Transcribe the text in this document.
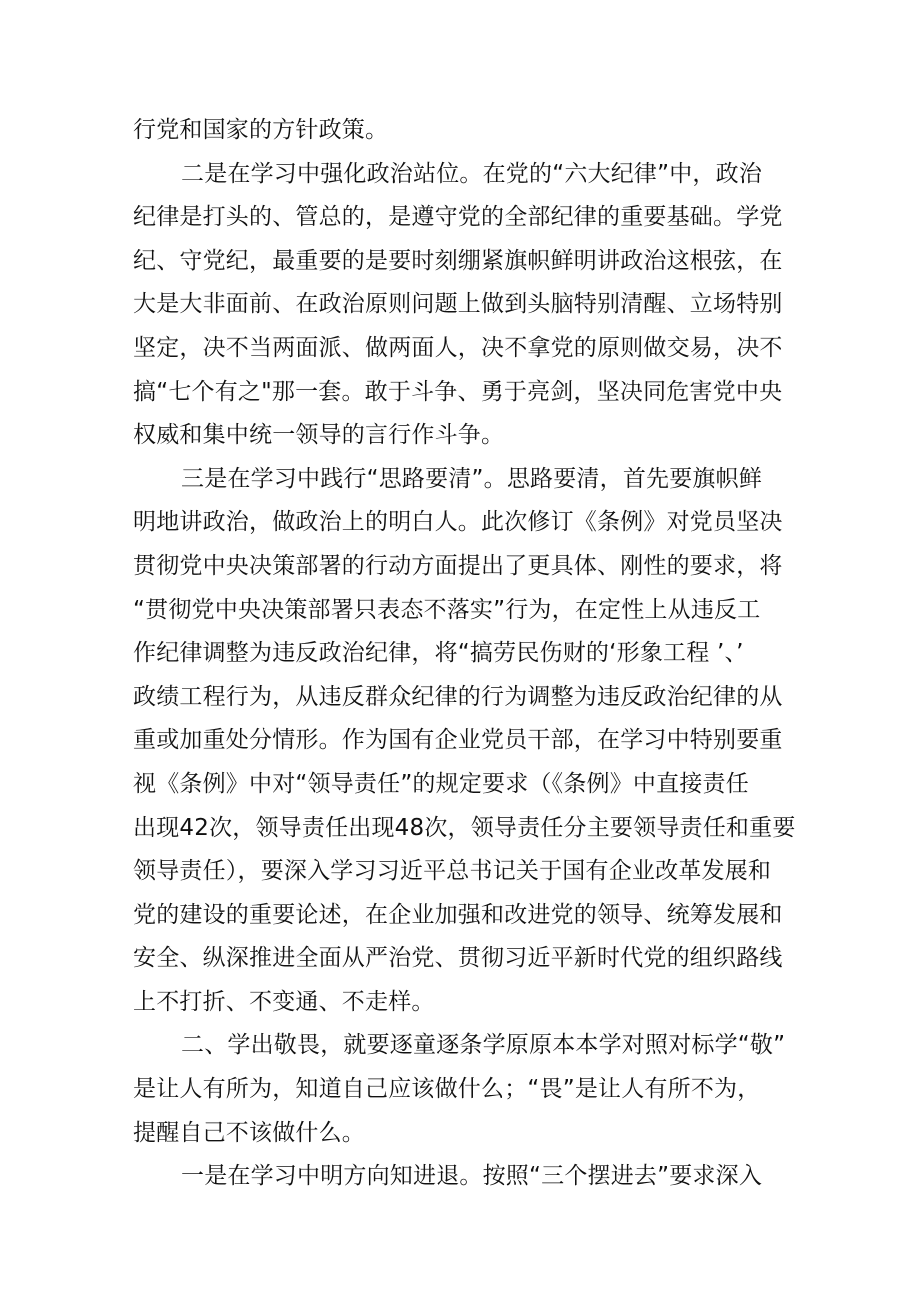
行党和国家的方针政策。
二是在学习中强化政治站位。在党的“六大纪律”中，政治
纪律是打头的、管总的，是遵守党的全部纪律的重要基础。学党
纪、守党纪，最重要的是要时刻绷紧旗帜鲜明讲政治这根弦，在
大是大非面前、在政治原则问题上做到头脑特别清醒、立场特别
坚定，决不当两面派、做两面人，决不拿党的原则做交易，决不
搞“七个有之"那一套。敢于斗争、勇于亮剑，坚决同危害党中央
权威和集中统一领导的言行作斗争。
三是在学习中践行“思路要清”。思路要清，首先要旗帜鲜
明地讲政治，做政治上的明白人。此次修订《条例》对党员坚决
贯彻党中央决策部署的行动方面提出了更具体、刚性的要求，将
“贯彻党中央决策部署只表态不落实”行为，在定性上从违反工
作纪律调整为违反政治纪律，将“搞劳民伤财的‘形象工程 ’、’
政绩工程行为，从违反群众纪律的行为调整为违反政治纪律的从
重或加重处分情形。作为国有企业党员干部，在学习中特别要重
视《条例》中对“领导责任”的规定要求（《条例》中直接责任
出现42次，领导责任出现48次，领导责任分主要领导责任和重要
领导责任），要深入学习习近平总书记关于国有企业改革发展和
党的建设的重要论述，在企业加强和改进党的领导、统筹发展和
安全、纵深推进全面从严治党、贯彻习近平新时代党的组织路线
上不打折、不变通、不走样。
二、学出敬畏，就要逐童逐条学原原本本学对照对标学“敬”
是让人有所为，知道自己应该做什么；“畏”是让人有所不为，
提醒自己不该做什么。
一是在学习中明方向知进退。按照“三个摆进去”要求深入
